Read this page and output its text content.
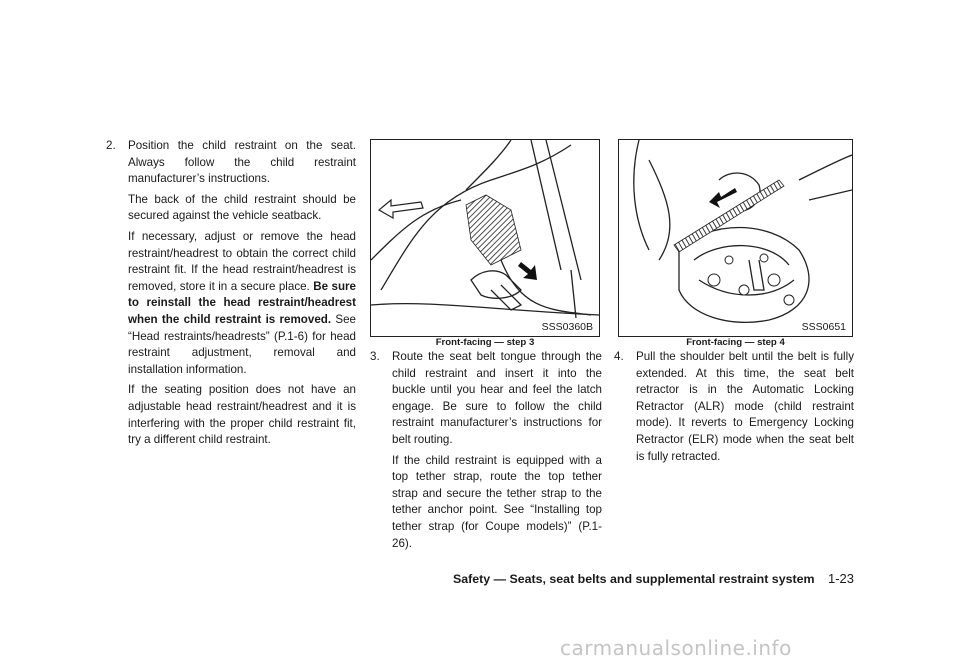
2. Position the child restraint on the seat. Always follow the child restraint manufacturer’s instructions.

The back of the child restraint should be secured against the vehicle seatback.

If necessary, adjust or remove the head restraint/headrest to obtain the correct child restraint fit. If the head restraint/headrest is removed, store it in a secure place. Be sure to reinstall the head restraint/headrest when the child restraint is removed. See “Head restraints/headrests” (P.1-6) for head restraint adjustment, removal and installation information.

If the seating position does not have an adjustable head restraint/headrest and it is interfering with the proper child restraint fit, try a different child restraint.

SSS0360B
Front-facing — step 3
SSS0651
Front-facing — step 4
3. Route the seat belt tongue through the child restraint and insert it into the buckle until you hear and feel the latch engage. Be sure to follow the child restraint manufacturer’s instructions for belt routing.

If the child restraint is equipped with a top tether strap, route the top tether strap and secure the tether strap to the tether anchor point. See “Installing top tether strap (for Coupe models)” (P.1-26).

4. Pull the shoulder belt until the belt is fully extended. At this time, the seat belt retractor is in the Automatic Locking Retractor (ALR) mode (child restraint mode). It reverts to Emergency Locking Retractor (ELR) mode when the seat belt is fully retracted.

Safety — Seats, seat belts and supplemental restraint system 1-23
carmanualsonline.info
